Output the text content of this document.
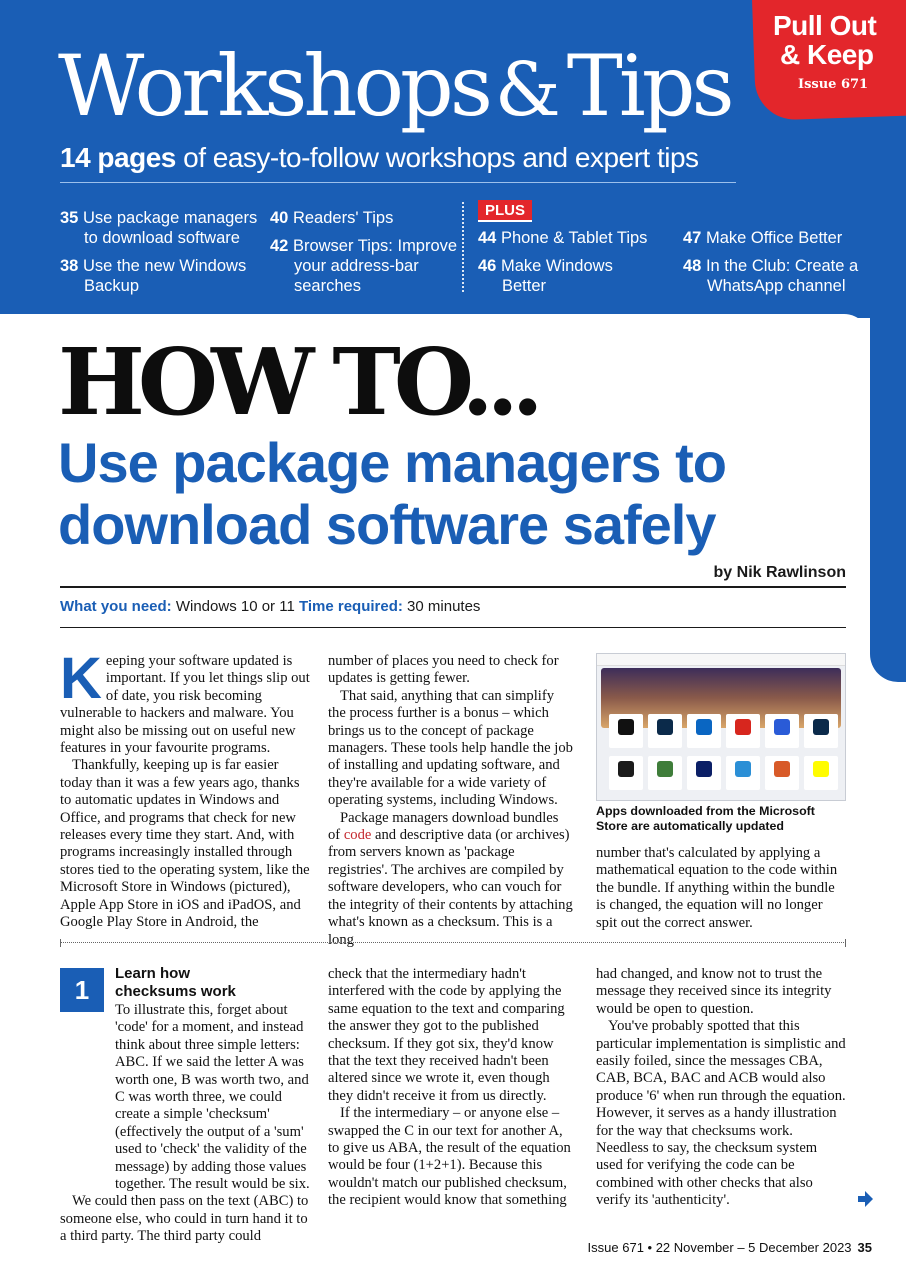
Workshops&Tips
14 pages of easy-to-follow workshops and expert tips
Pull Out
& Keep
Issue 671
35 Use package managers to download software
38 Use the new Windows Backup
40 Readers' Tips
42 Browser Tips: Improve your address-bar searches
PLUS
44 Phone & Tablet Tips
46 Make Windows Better
47 Make Office Better
48 In the Club: Create a WhatsApp channel
HOW TO...
Use package managers to download software safely
by Nik Rawlinson
What you need: Windows 10 or 11 Time required: 30 minutes

Keeping your software updated is important. If you let things slip out of date, you risk becoming vulnerable to hackers and malware. You might also be missing out on useful new features in your favourite programs.

Thankfully, keeping up is far easier today than it was a few years ago, thanks to automatic updates in Windows and Office, and programs that check for new releases every time they start. And, with programs increasingly installed through stores tied to the operating system, like the Microsoft Store in Windows (pictured), Apple App Store in iOS and iPadOS, and Google Play Store in Android, the

number of places you need to check for updates is getting fewer.

That said, anything that can simplify the process further is a bonus – which brings us to the concept of package managers. These tools help handle the job of installing and updating software, and they're available for a wide variety of operating systems, including Windows.

Package managers download bundles of code and descriptive data (or archives) from servers known as 'package registries'. The archives are compiled by software developers, who can vouch for the integrity of their contents by attaching what's known as a checksum. This is a long

Apps downloaded from the Microsoft Store are automatically updated

number that's calculated by applying a mathematical equation to the code within the bundle. If anything within the bundle is changed, the equation will no longer spit out the correct answer.

1
Learn how checksums work

To illustrate this, forget about 'code' for a moment, and instead think about three simple letters: ABC. If we said the letter A was worth one, B was worth two, and C was worth three, we could create a simple 'checksum' (effectively the output of a 'sum' used to 'check' the validity of the message) by adding those values together. The result would be six.

We could then pass on the text (ABC) to someone else, who could in turn hand it to a third party. The third party could

check that the intermediary hadn't interfered with the code by applying the same equation to the text and comparing the answer they got to the published checksum. If they got six, they'd know that the text they received hadn't been altered since we wrote it, even though they didn't receive it from us directly.

If the intermediary – or anyone else – swapped the C in our text for another A, to give us ABA, the result of the equation would be four (1+2+1). Because this wouldn't match our published checksum, the recipient would know that something

had changed, and know not to trust the message they received since its integrity would be open to question.

You've probably spotted that this particular implementation is simplistic and easily foiled, since the messages CBA, CAB, BCA, BAC and ACB would also produce '6' when run through the equation. However, it serves as a handy illustration for the way that checksums work. Needless to say, the checksum system used for verifying the code can be combined with other checks that also verify its 'authenticity'.

Issue 671 • 22 November – 5 December 2023 35
